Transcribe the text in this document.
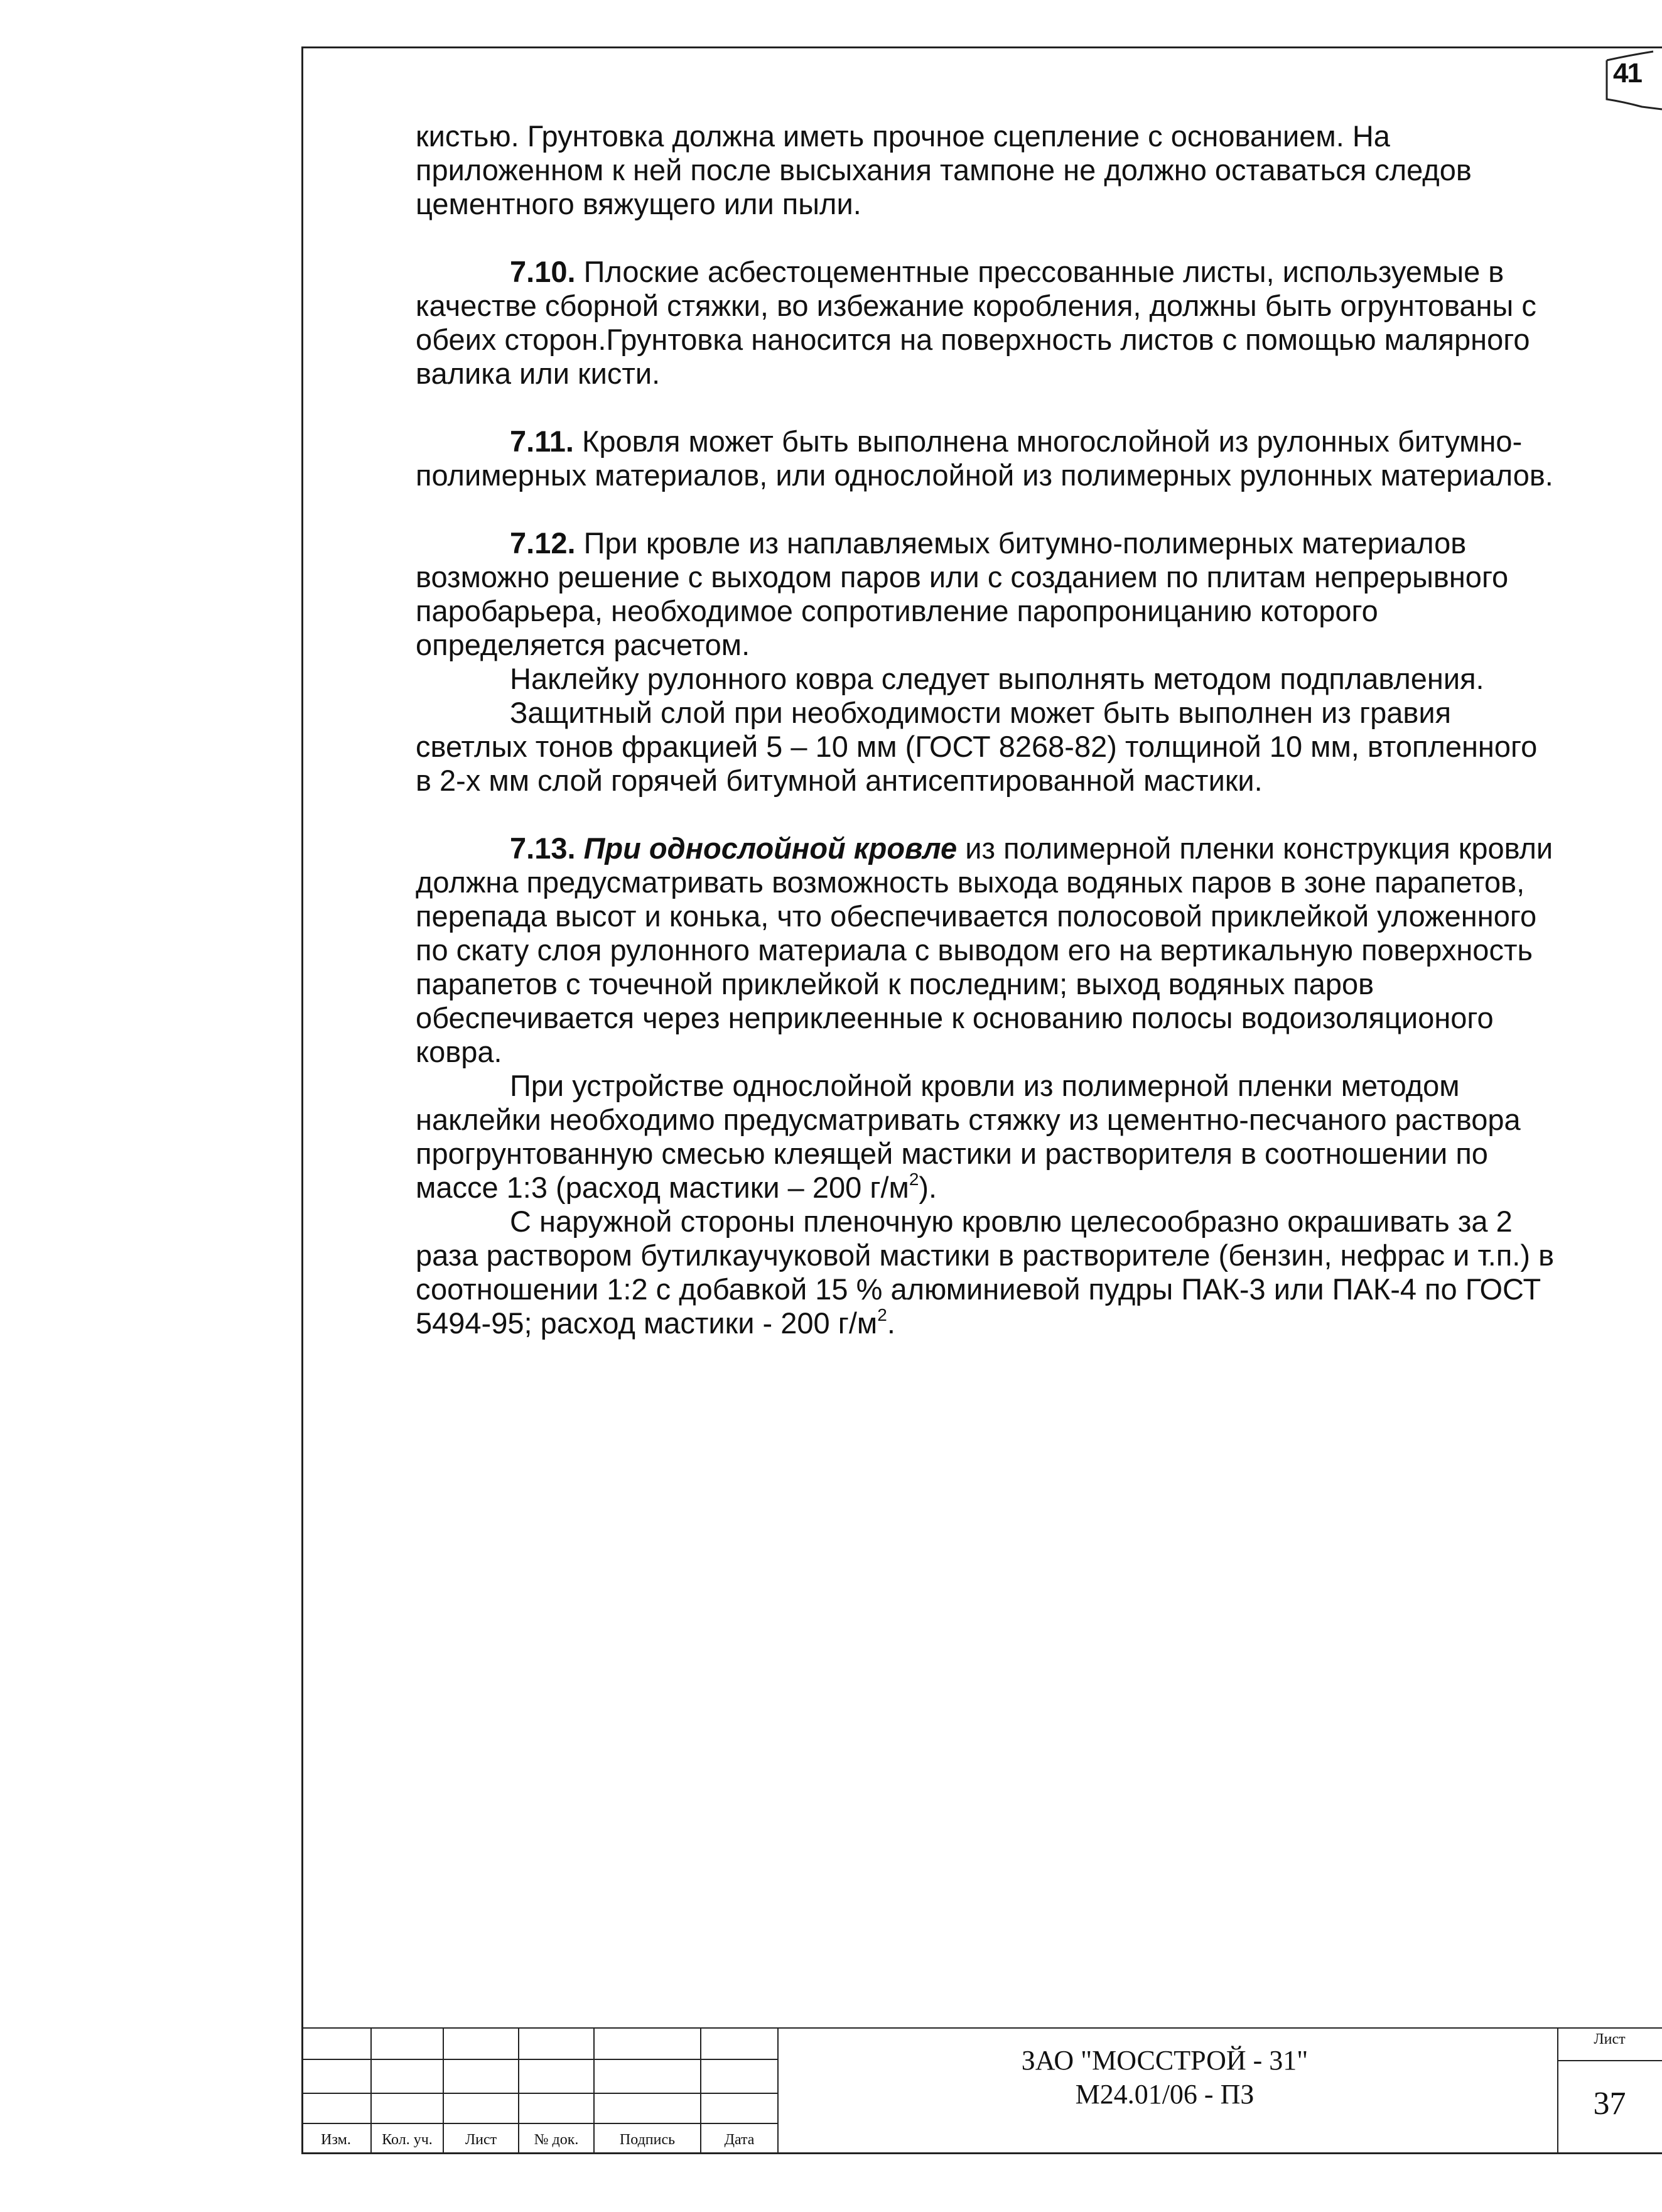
41

кистью. Грунтовка должна иметь прочное сцепление с основанием. На приложенном к ней после высыхания тампоне не должно оставаться следов цементного вяжущего или пыли.

7.10. Плоские асбестоцементные прессованные листы, используемые в качестве сборной стяжки, во избежание коробления, должны быть огрунтованы с обеих сторон.Грунтовка наносится на поверхность листов с помощью малярного валика или кисти.

7.11. Кровля может быть выполнена многослойной из рулонных битумно-полимерных материалов, или однослойной из полимерных рулонных материалов.

7.12. При кровле из наплавляемых битумно-полимерных материалов возможно решение с выходом паров или с созданием по плитам непрерывного паробарьера, необходимое сопротивление паропроницанию которого определяется расчетом.

Наклейку рулонного ковра следует выполнять методом подплавления.

Защитный слой при необходимости может быть выполнен из гравия светлых тонов фракцией 5 – 10 мм (ГОСТ 8268-82) толщиной 10 мм, втопленного в 2-х мм слой горячей битумной антисептированной мастики.

7.13. При однослойной кровле из полимерной пленки конструкция кровли должна предусматривать возможность выхода водяных паров в зоне парапетов, перепада высот и конька, что обеспечивается полосовой приклейкой уложенного по скату слоя рулонного материала с выводом его на вертикальную поверхность парапетов с точечной приклейкой к последним; выход водяных паров обеспечивается через неприклеенные к основанию полосы водоизоляционого ковра.

При устройстве однослойной кровли из полимерной пленки методом наклейки необходимо предусматривать стяжку из цементно-песчаного раствора прогрунтованную смесью клеящей мастики и растворителя в соотношении по массе 1:3 (расход мастики – 200 $г/м^2$).

С наружной стороны пленочную кровлю целесообразно окрашивать за 2 раза раствором бутилкаучуковой мастики в растворителе (бензин, нефрас и т.п.) в соотношении 1:2 с добавкой 15 % алюминиевой пудры ПАК-3 или ПАК-4 по ГОСТ 5494-95; расход мастики - 200 $г/м^2$.

Изм.	Кол. уч.	Лист	№ док.	Подпись	Дата
ЗАО "МОССТРОЙ - 31"
М24.01/06 - ПЗ
Лист
37
